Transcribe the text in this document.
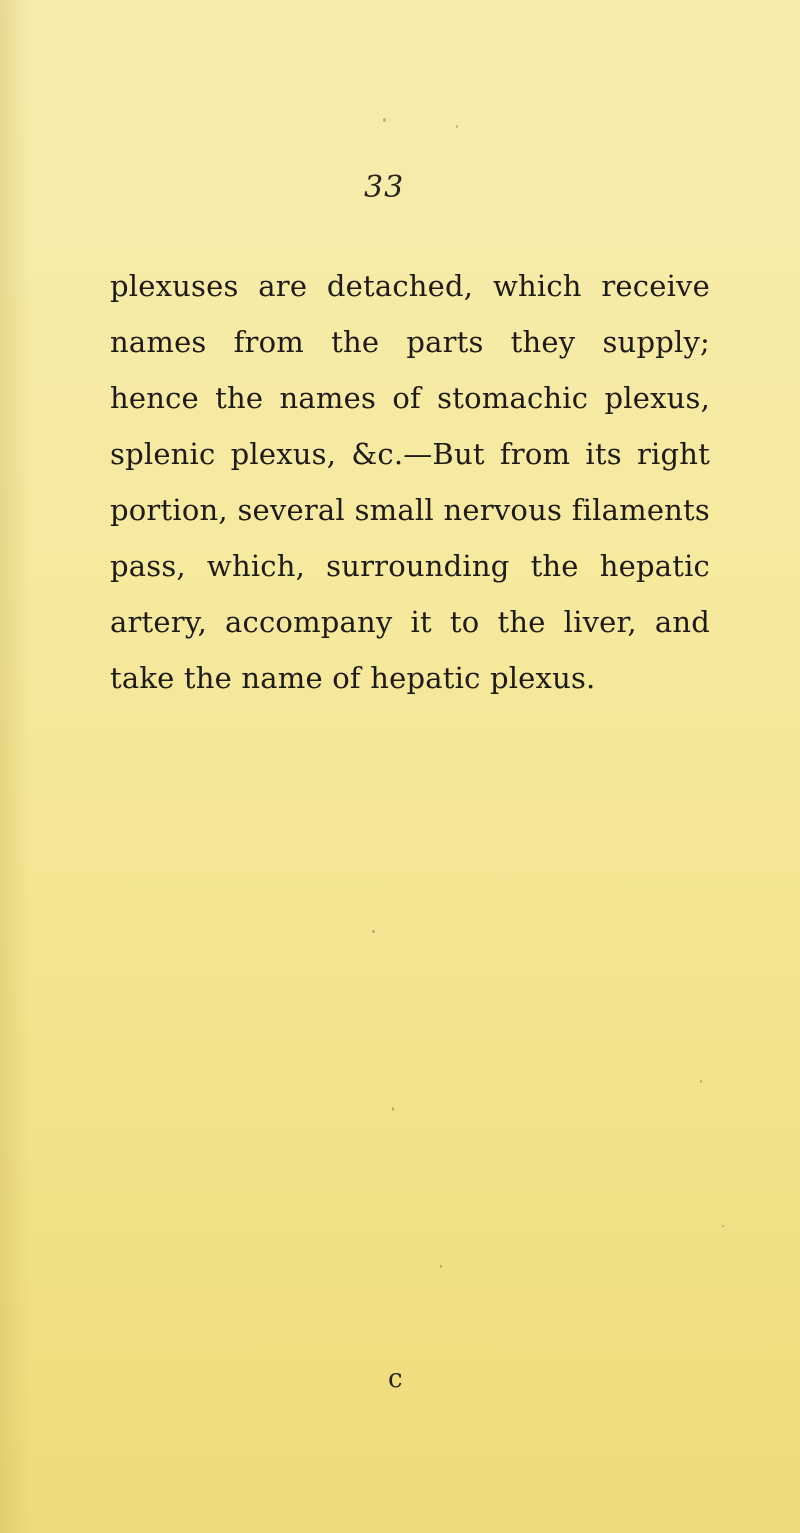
33
plexuses are detached, which receive
names from the parts they supply;
hence the names of stomachic plexus,
splenic plexus, &c.—But from its right
portion, several small nervous filaments
pass, which, surrounding the hepatic
artery, accompany it to the liver, and
take the name of hepatic plexus.
c
